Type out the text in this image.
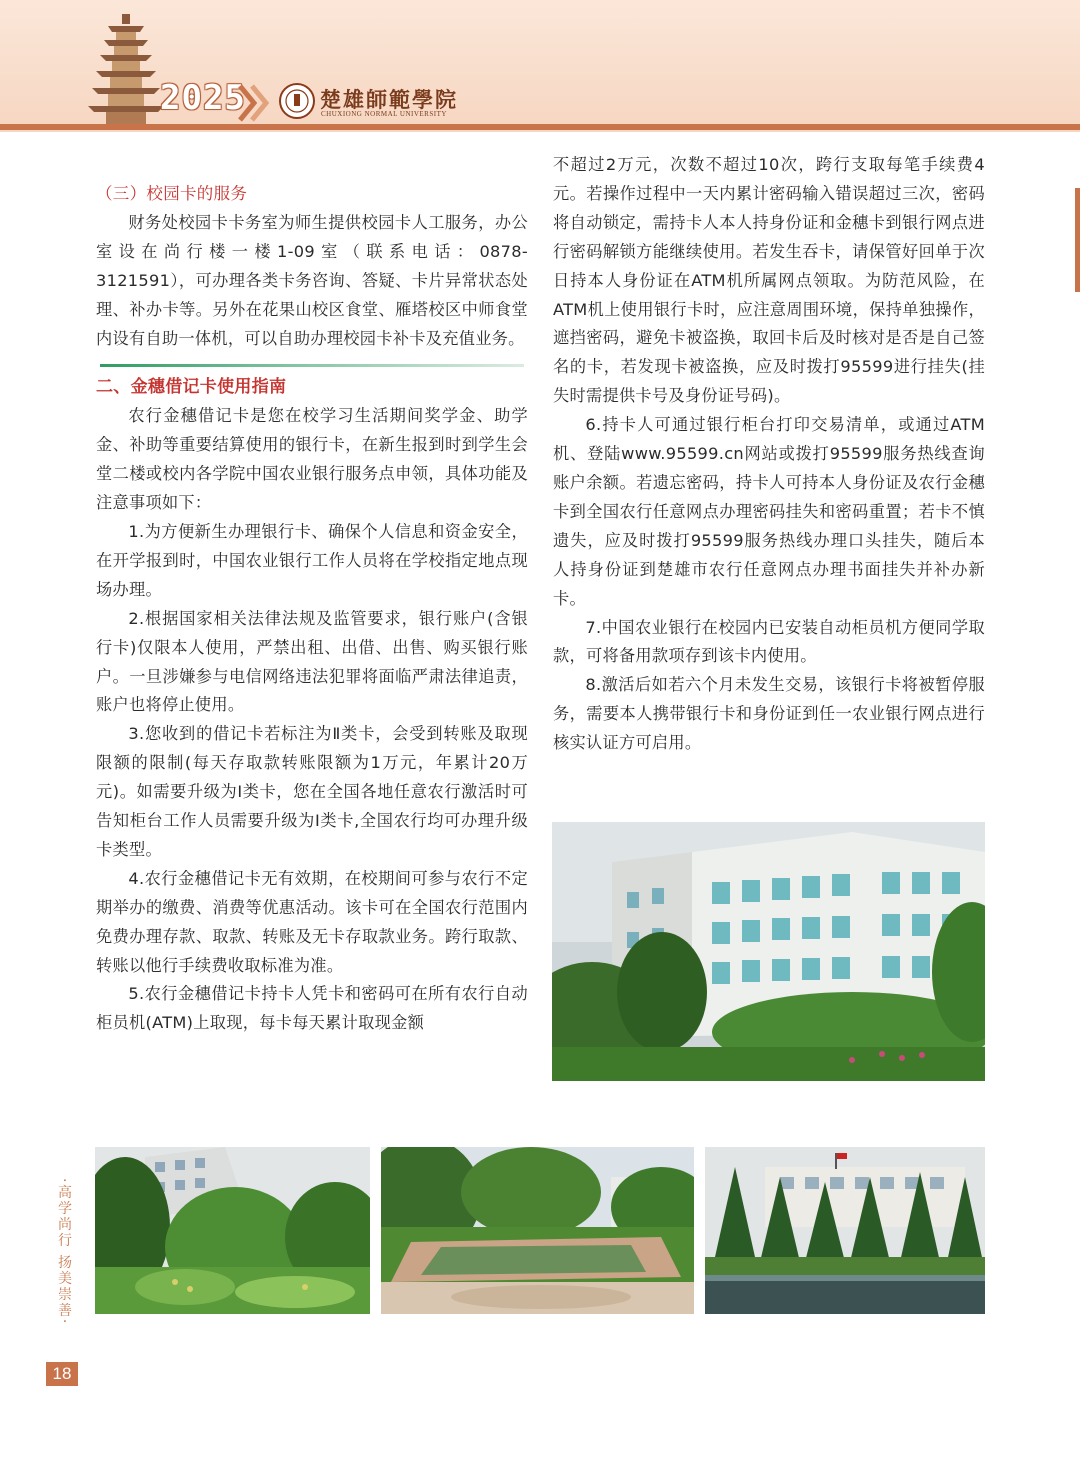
2025	楚雄師範學院
CHUXIONG NORMAL UNIVERSITY

（三）校园卡的服务

财务处校园卡卡务室为师生提供校园卡人工服务，办公室设在尚行楼一楼1-09室（联系电话：0878-3121591），可办理各类卡务咨询、答疑、卡片异常状态处理、补办卡等。另外在花果山校区食堂、雁塔校区中师食堂内设有自助一体机，可以自助办理校园卡补卡及充值业务。

二、金穗借记卡使用指南

农行金穗借记卡是您在校学习生活期间奖学金、助学金、补助等重要结算使用的银行卡，在新生报到时到学生会堂二楼或校内各学院中国农业银行服务点申领，具体功能及注意事项如下：

1.为方便新生办理银行卡、确保个人信息和资金安全，在开学报到时，中国农业银行工作人员将在学校指定地点现场办理。

2.根据国家相关法律法规及监管要求，银行账户(含银行卡)仅限本人使用，严禁出租、出借、出售、购买银行账户。一旦涉嫌参与电信网络违法犯罪将面临严肃法律追责，账户也将停止使用。

3.您收到的借记卡若标注为Ⅱ类卡，会受到转账及取现限额的限制(每天存取款转账限额为1万元，年累计20万元)。如需要升级为Ⅰ类卡，您在全国各地任意农行激活时可告知柜台工作人员需要升级为Ⅰ类卡,全国农行均可办理升级卡类型。

4.农行金穗借记卡无有效期，在校期间可参与农行不定期举办的缴费、消费等优惠活动。该卡可在全国农行范围内免费办理存款、取款、转账及无卡存取款业务。跨行取款、转账以他行手续费收取标准为准。

5.农行金穗借记卡持卡人凭卡和密码可在所有农行自动柜员机(ATM)上取现，每卡每天累计取现金额

不超过2万元，次数不超过10次，跨行支取每笔手续费4元。若操作过程中一天内累计密码输入错误超过三次，密码将自动锁定，需持卡人本人持身份证和金穗卡到银行网点进行密码解锁方能继续使用。若发生吞卡，请保管好回单于次日持本人身份证在ATM机所属网点领取。为防范风险，在ATM机上使用银行卡时，应注意周围环境，保持单独操作，遮挡密码，避免卡被盗换，取回卡后及时核对是否是自己签名的卡，若发现卡被盗换，应及时拨打95599进行挂失(挂失时需提供卡号及身份证号码)。

6.持卡人可通过银行柜台打印交易清单，或通过ATM机、登陆www.95599.cn网站或拨打95599服务热线查询账户余额。若遗忘密码，持卡人可持本人身份证及农行金穗卡到全国农行任意网点办理密码挂失和密码重置；若卡不慎遗失，应及时拨打95599服务热线办理口头挂失，随后本人持身份证到楚雄市农行任意网点办理书面挂失并补办新卡。

7.中国农业银行在校园内已安装自动柜员机方便同学取款，可将备用款项存到该卡内使用。

8.激活后如若六个月未发生交易，该银行卡将被暂停服务，需要本人携带银行卡和身份证到任一农业银行网点进行核实认证方可启用。

·高学尚行 扬美崇善·
18
